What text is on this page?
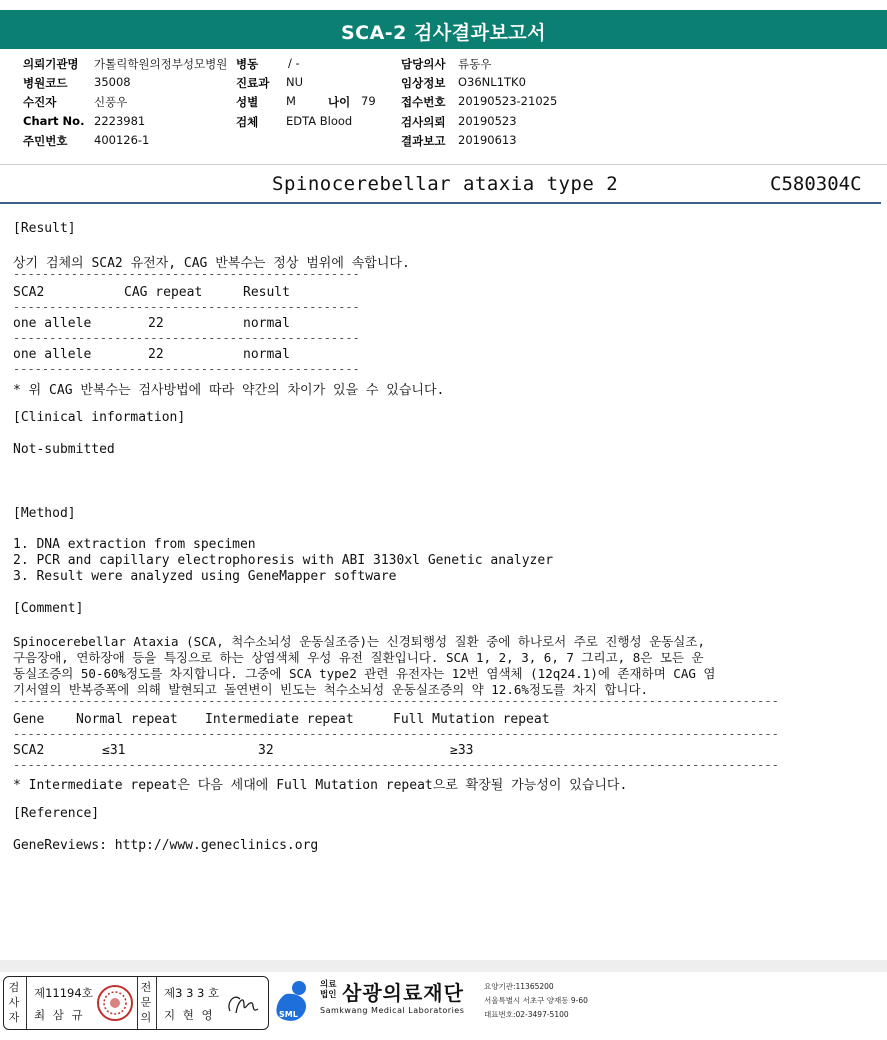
SCA-2 검사결과보고서
의뢰기관명 가톨릭학원의정부성모병원 병동	/ -	담당의사 류동우
병원코드 35008	진료과 NU	임상정보 O36NL1TK0
수진자	신풍우	성별 M	나이 79 접수번호 20190523-21025
Chart No. 2223981	검체 EDTA Blood	검사의뢰 20190523
주민번호 400126-1	결과보고 20190613
Spinocerebellar ataxia type 2	C580304C
[Result]
상기 검체의 SCA2 유전자, CAG 반복수는 정상 범위에 속합니다.
------------------------------------------------
SCA2	CAG repeat	Result
------------------------------------------------
one allele	22	normal
------------------------------------------------
one allele	22	normal
------------------------------------------------
* 위 CAG 반복수는 검사방법에 따라 약간의 차이가 있을 수 있습니다.
[Clinical information]
Not-submitted
[Method]
1. DNA extraction from specimen
2. PCR and capillary electrophoresis with ABI 3130xl Genetic analyzer
3. Result were analyzed using GeneMapper software
[Comment]
Spinocerebellar Ataxia (SCA, 척수소뇌성 운동실조증)는 신경퇴행성 질환 중에 하나로서 주로 진행성 운동실조,
구음장애, 연하장애 등을 특징으로 하는 상염색체 우성 유전 질환입니다. SCA 1, 2, 3, 6, 7 그리고, 8은 모든 운
동실조증의 50-60%정도를 차지합니다. 그중에 SCA type2 관련 유전자는 12번 염색체 (12q24.1)에 존재하며 CAG 염
기서열의 반복증폭에 의해 발현되고 돌연변이 빈도는 척수소뇌성 운동실조증의 약 12.6%정도를 차지 합니다.
----------------------------------------------------------------------------------------------------------
Gene Normal repeat Intermediate repeat	Full Mutation repeat
----------------------------------------------------------------------------------------------------------
SCA2	≤31	32	≥33
----------------------------------------------------------------------------------------------------------
* Intermediate repeat은 다음 세대에 Full Mutation repeat으로 확장될 가능성이 있습니다.
[Reference]
GeneReviews: http://www.geneclinics.org
검사자
제11194호
최 삼 규
전문의
제3 3 3 호
지 현 영	SML
의료법인 삼광의료재단
Samkwang Medical Laboratories
요양기관:11365200
서울특별시 서초구 양재동 9-60
대표번호:02-3497-5100
